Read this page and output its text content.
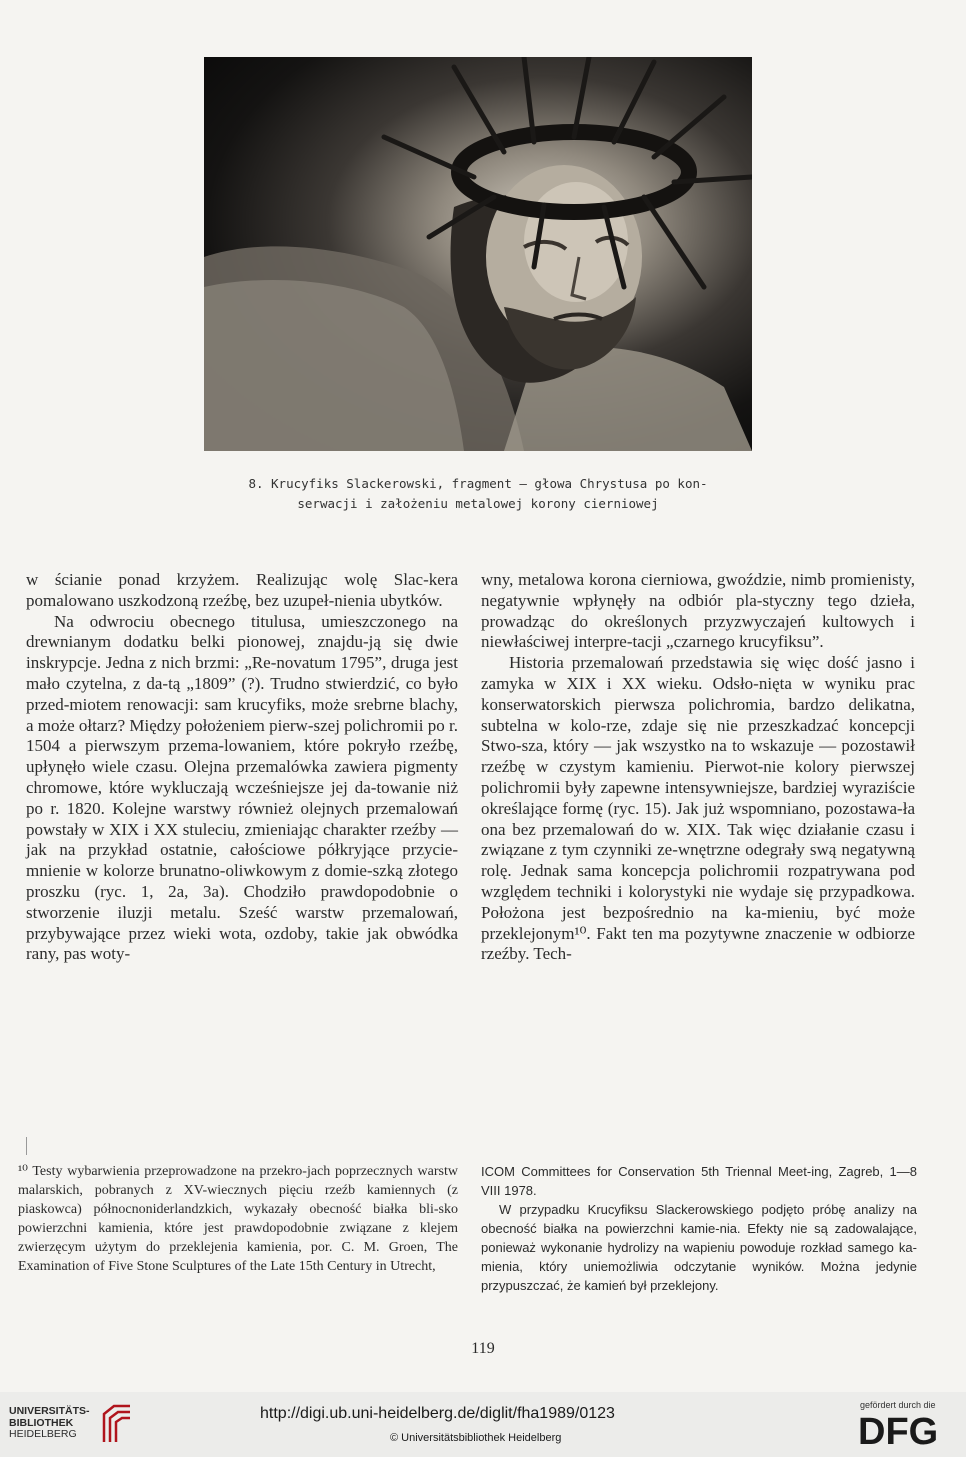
8. Krucyfiks Slackerowski, fragment — głowa Chrystusa po kon-
serwacji i założeniu metalowej korony cierniowej

w ścianie ponad krzyżem. Realizując wolę Slac-kera pomalowano uszkodzoną rzeźbę, bez uzupeł-nienia ubytków.

Na odwrociu obecnego titulusa, umieszczonego na drewnianym dodatku belki pionowej, znajdu-ją się dwie inskrypcje. Jedna z nich brzmi: „Re-novatum 1795”, druga jest mało czytelna, z da-tą „1809” (?). Trudno stwierdzić, co było przed-miotem renowacji: sam krucyfiks, może srebrne blachy, a może ołtarz? Między położeniem pierw-szej polichromii po r. 1504 a pierwszym przema-lowaniem, które pokryło rzeźbę, upłynęło wiele czasu. Olejna przemalówka zawiera pigmenty chromowe, które wykluczają wcześniejsze jej da-towanie niż po r. 1820. Kolejne warstwy również olejnych przemalowań powstały w XIX i XX stuleciu, zmieniając charakter rzeźby — jak na przykład ostatnie, całościowe półkryjące przycie-mnienie w kolorze brunatno-oliwkowym z domie-szką złotego proszku (ryc. 1, 2a, 3a). Chodziło prawdopodobnie o stworzenie iluzji metalu. Sześć warstw przemalowań, przybywające przez wieki wota, ozdoby, takie jak obwódka rany, pas woty-

wny, metalowa korona cierniowa, gwoździe, nimb promienisty, negatywnie wpłynęły na odbiór pla-styczny tego dzieła, prowadząc do określonych przyzwyczajeń kultowych i niewłaściwej interpre-tacji „czarnego krucyfiksu”.

Historia przemalowań przedstawia się więc dość jasno i zamyka w XIX i XX wieku. Odsło-nięta w wyniku prac konserwatorskich pierwsza polichromia, bardzo delikatna, subtelna w kolo-rze, zdaje się nie przeszkadzać koncepcji Stwo-sza, który — jak wszystko na to wskazuje — pozostawił rzeźbę w czystym kamieniu. Pierwot-nie kolory pierwszej polichromii były zapewne intensywniejsze, bardziej wyraziście określające formę (ryc. 15). Jak już wspomniano, pozostawa-ła ona bez przemalowań do w. XIX. Tak więc działanie czasu i związane z tym czynniki ze-wnętrzne odegrały swą negatywną rolę. Jednak sama koncepcja polichromii rozpatrywana pod względem techniki i kolorystyki nie wydaje się przypadkowa. Położona jest bezpośrednio na ka-mieniu, być może przeklejonym¹⁰. Fakt ten ma pozytywne znaczenie w odbiorze rzeźby. Tech-

¹⁰ Testy wybarwienia przeprowadzone na przekro-jach poprzecznych warstw malarskich, pobranych z XV-wiecznych pięciu rzeźb kamiennych (z piaskowca) północnoniderlandzkich, wykazały obecność białka bli-sko powierzchni kamienia, które jest prawdopodobnie związane z klejem zwierzęcym użytym do przeklejenia kamienia, por. C. M. Groen, The Examination of Five Stone Sculptures of the Late 15th Century in Utrecht,

ICOM Committees for Conservation 5th Triennal Meet-ing, Zagreb, 1—8 VIII 1978.

W przypadku Krucyfiksu Slackerowskiego podjęto próbę analizy na obecność białka na powierzchni kamie-nia. Efekty nie są zadowalające, ponieważ wykonanie hydrolizy na wapieniu powoduje rozkład samego ka-mienia, który uniemożliwia odczytanie wyników. Można jedynie przypuszczać, że kamień był przeklejony.

119
UNIVERSITÄTS-
BIBLIOTHEK
HEIDELBERG
http://digi.ub.uni-heidelberg.de/diglit/fha1989/0123
© Universitätsbibliothek Heidelberg
gefördert durch die
DFG
